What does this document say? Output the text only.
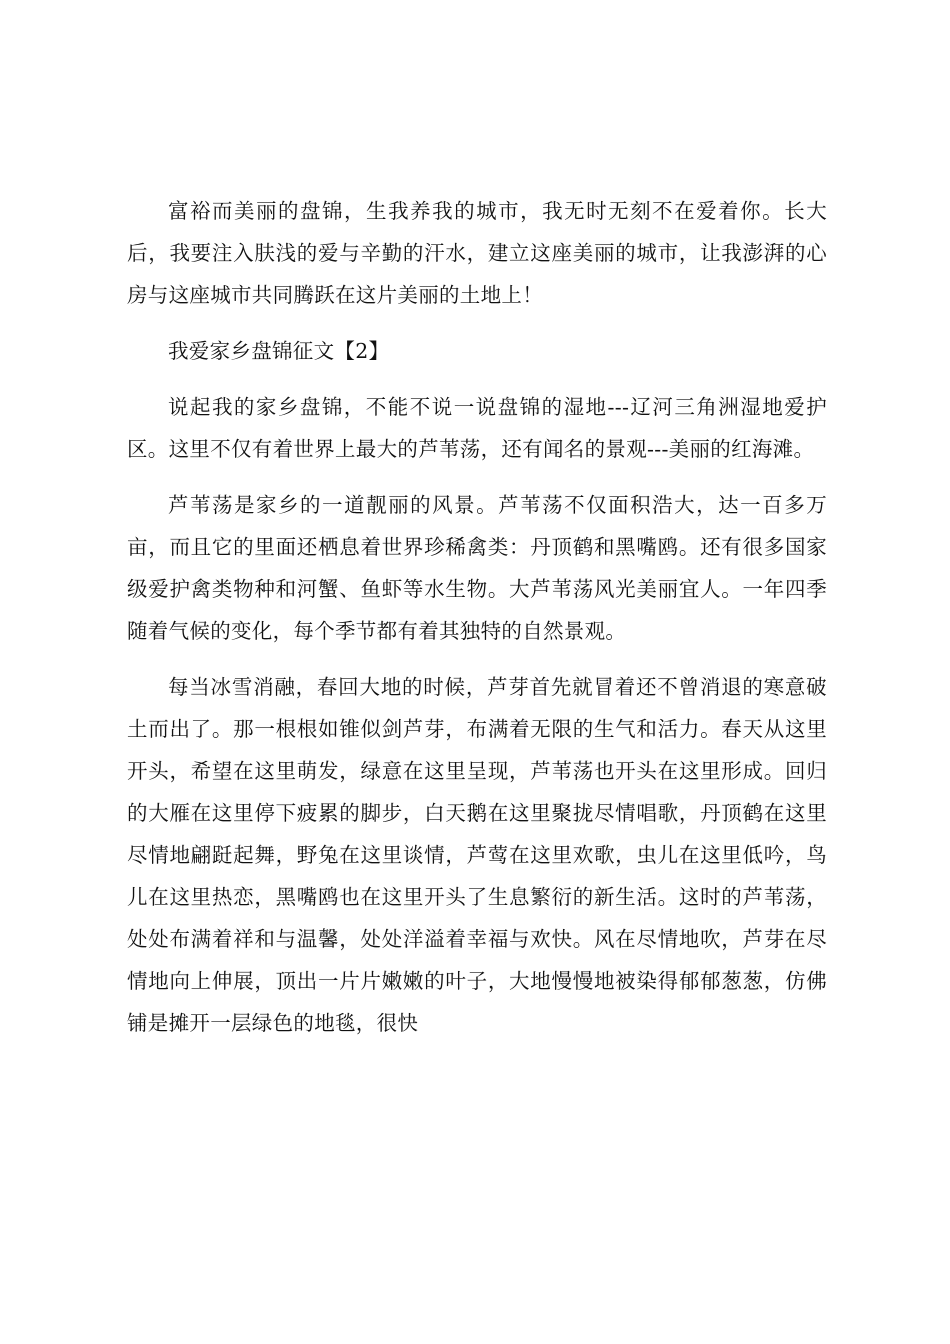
富裕而美丽的盘锦，生我养我的城市，我无时无刻不在爱着你。长大后，我要注入肤浅的爱与辛勤的汗水，建立这座美丽的城市，让我澎湃的心房与这座城市共同腾跃在这片美丽的土地上！

我爱家乡盘锦征文【2】

说起我的家乡盘锦，不能不说一说盘锦的湿地---辽河三角洲湿地爱护区。这里不仅有着世界上最大的芦苇荡，还有闻名的景观---美丽的红海滩。

芦苇荡是家乡的一道靓丽的风景。芦苇荡不仅面积浩大，达一百多万亩，而且它的里面还栖息着世界珍稀禽类：丹顶鹤和黑嘴鸥。还有很多国家级爱护禽类物种和河蟹、鱼虾等水生物。大芦苇荡风光美丽宜人。一年四季随着气候的变化，每个季节都有着其独特的自然景观。

每当冰雪消融，春回大地的时候，芦芽首先就冒着还不曾消退的寒意破土而出了。那一根根如锥似剑芦芽，布满着无限的生气和活力。春天从这里开头，希望在这里萌发，绿意在这里呈现，芦苇荡也开头在这里形成。回归的大雁在这里停下疲累的脚步，白天鹅在这里聚拢尽情唱歌，丹顶鹤在这里尽情地翩跹起舞，野兔在这里谈情，芦莺在这里欢歌，虫儿在这里低吟，鸟儿在这里热恋，黑嘴鸥也在这里开头了生息繁衍的新生活。这时的芦苇荡，处处布满着祥和与温馨，处处洋溢着幸福与欢快。风在尽情地吹，芦芽在尽情地向上伸展，顶出一片片嫩嫩的叶子，大地慢慢地被染得郁郁葱葱，仿佛铺是摊开一层绿色的地毯，很快
